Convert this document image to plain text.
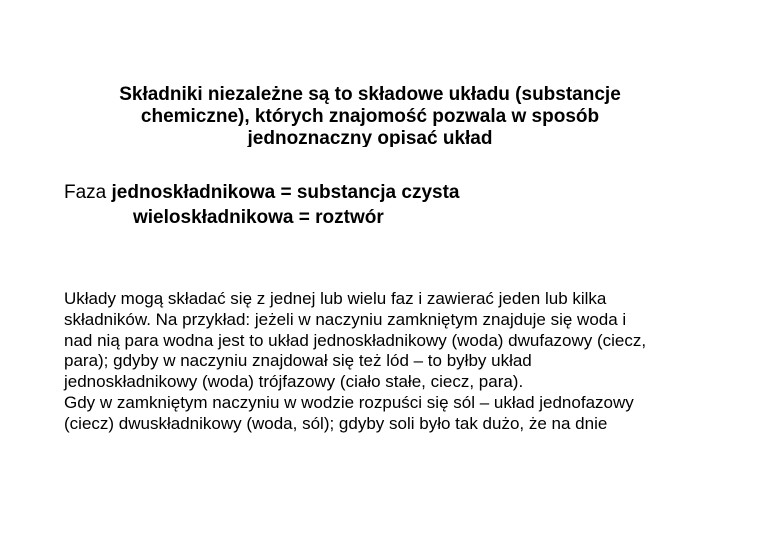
Składniki niezależne są to składowe układu (substancje
chemiczne), których znajomość pozwala w sposób
jednoznaczny opisać układ
Faza jednoskładnikowa = substancja czysta
wieloskładnikowa = roztwór
Układy mogą składać się z jednej lub wielu faz i zawierać jeden lub kilka
składników. Na przykład: jeżeli w naczyniu zamkniętym znajduje się woda i
nad nią para wodna jest to układ jednoskładnikowy (woda) dwufazowy (ciecz,
para); gdyby w naczyniu znajdował się też lód – to byłby układ
jednoskładnikowy (woda) trójfazowy (ciało stałe, ciecz, para).
Gdy w zamkniętym naczyniu w wodzie rozpuści się sól – układ jednofazowy
(ciecz) dwuskładnikowy (woda, sól); gdyby soli było tak dużo, że na dnie
